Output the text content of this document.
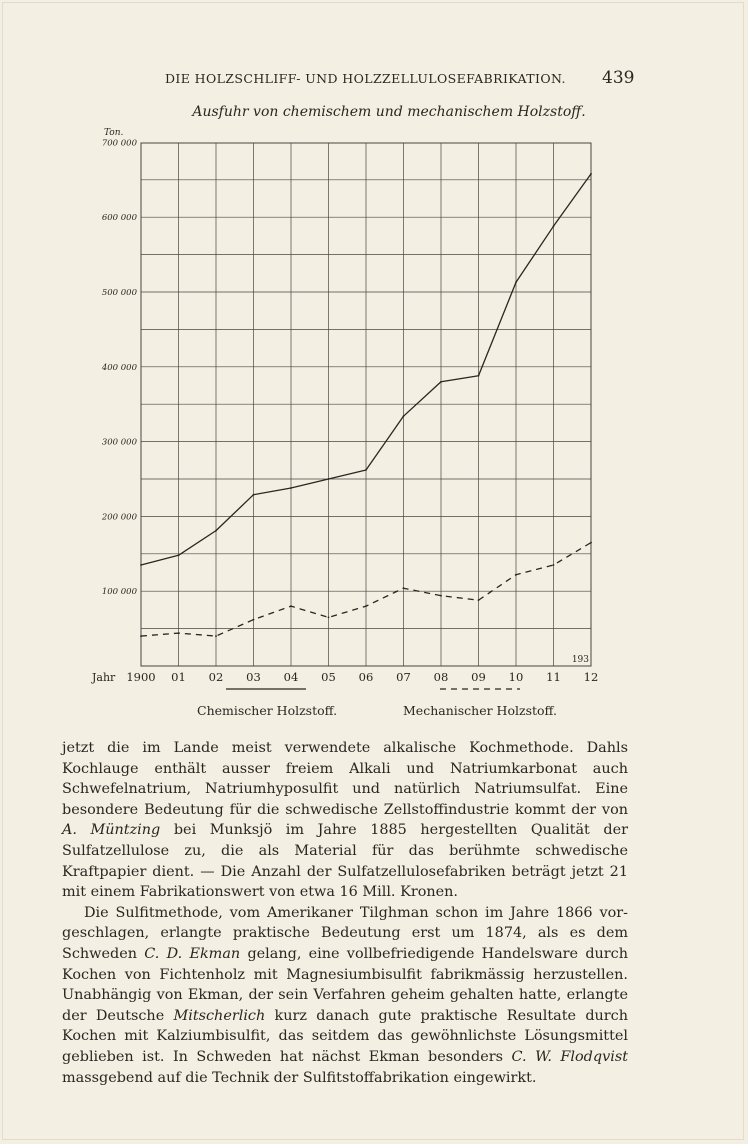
DIE HOLZSCHLIFF- UND HOLZZELLULOSEFABRIKATION. 439
Ausfuhr von chemischem und mechanischem Holzstoff.
100 000
200 000
300 000
400 000
500 000
600 000
700 000
Ton.
Jahr 1900 01 02 03 04 05 06 07 08 09 10 11 12
193
Chemischer Holzstoff.	Mechanischer Holzstoff.

jetzt die im Lande meist verwendete alkalische Kochmethode. Dahls Kochlauge enthält ausser freiem Alkali und Natriumkarbonat auch Schwefelnatrium, Natriumhyposulfit und natürlich Natriumsulfat. Eine besondere Bedeutung für die schwedische Zellstoffindustrie kommt der von A. Müntzing bei Munksjö im Jahre 1885 hergestellten Qualität der Sulfatzellulose zu, die als Material für das berühmte schwedische Kraftpapier dient. — Die Anzahl der Sulfatzellulosefabriken beträgt jetzt 21 mit einem Fabrikationswert von etwa 16 Mill. Kronen.

Die Sulfitmethode, vom Amerikaner Tilghman schon im Jahre 1866 vorgeschlagen, erlangte praktische Bedeutung erst um 1874, als es dem Schweden C. D. Ekman gelang, eine vollbefriedigende Handelsware durch Kochen von Fichtenholz mit Magnesiumbisulfit fabrikmässig herzustellen. Unabhängig von Ekman, der sein Verfahren geheim gehalten hatte, erlangte der Deutsche Mitscherlich kurz danach gute praktische Resultate durch Kochen mit Kalziumbisulfit, das seitdem das gewöhnlichste Lösungsmittel geblieben ist. In Schweden hat nächst Ekman besonders C. W. Flodqvist massgebend auf die Technik der Sulfitstoffabrikation eingewirkt.
